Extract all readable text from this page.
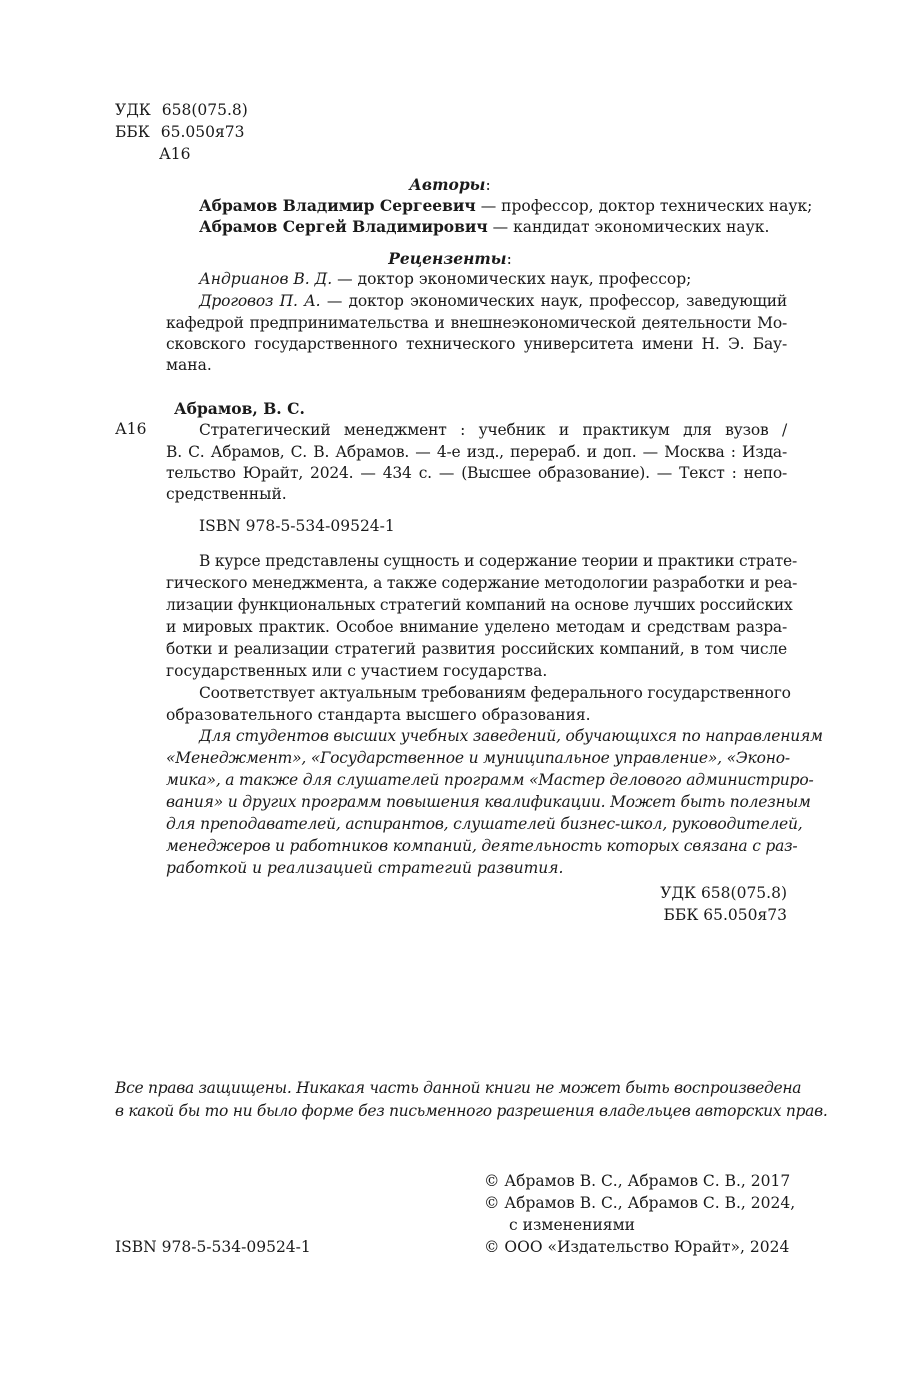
УДК 658(075.8)
ББК 65.050я73
А16
Авторы:
Абрамов Владимир Сергеевич — профессор, доктор технических наук;
Абрамов Сергей Владимирович — кандидат экономических наук.
Рецензенты:
Андрианов В. Д. — доктор экономических наук, профессор;
Дроговоз П. А. — доктор экономических наук, профессор, заведующий
кафедрой предпринимательства и внешнеэкономической деятельности Мо-
сковского государственного технического университета имени Н. Э. Бау-
мана.
Абрамов, В. С.
А16	Стратегический менеджмент : учебник и практикум для вузов /
В. С. Абрамов, С. В. Абрамов. — 4-е изд., перераб. и доп. — Москва : Изда-
тельство Юрайт, 2024. — 434 с. — (Высшее образование). — Текст : непо-
средственный.
ISBN 978-5-534-09524-1
В курсе представлены сущность и содержание теории и практики страте-
гического менеджмента, а также содержание методологии разработки и реа-
лизации функциональных стратегий компаний на основе лучших российских
и мировых практик. Особое внимание уделено методам и средствам разра-
ботки и реализации стратегий развития российских компаний, в том числе
государственных или с участием государства.
Соответствует актуальным требованиям федерального государственного
образовательного стандарта высшего образования.
Для студентов высших учебных заведений, обучающихся по направлениям
«Менеджмент», «Государственное и муниципальное управление», «Эконо-
мика», а также для слушателей программ «Мастер делового администриро-
вания» и других программ повышения квалификации. Может быть полезным
для преподавателей, аспирантов, слушателей бизнес-школ, руководителей,
менеджеров и работников компаний, деятельность которых связана с раз-
работкой и реализацией стратегий развития.
УДК 658(075.8)
ББК 65.050я73
Все права защищены. Никакая часть данной книги не может быть воспроизведена
в какой бы то ни было форме без письменного разрешения владельцев авторских прав.
© Абрамов В. С., Абрамов С. В., 2017
© Абрамов В. С., Абрамов С. В., 2024,
с изменениями
© ООО «Издательство Юрайт», 2024
ISBN 978-5-534-09524-1
